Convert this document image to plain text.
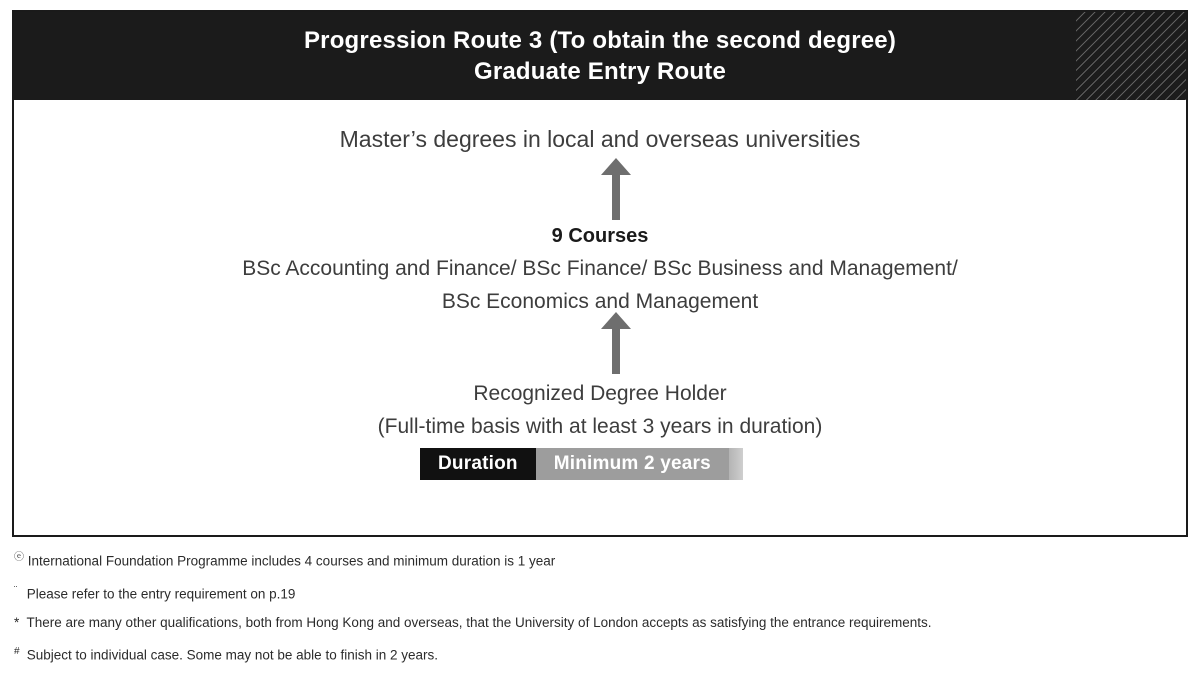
Progression Route 3 (To obtain the second degree)
Graduate Entry Route
Master’s degrees in local and overseas universities
9 Courses
BSc Accounting and Finance/ BSc Finance/ BSc Business and Management/
BSc Economics and Management
Recognized Degree Holder
(Full-time basis with at least 3 years in duration)
Duration	Minimum 2 years
ⓔ International Foundation Programme includes 4 courses and minimum duration is 1 year
¨ Please refer to the entry requirement on p.19
* There are many other qualifications, both from Hong Kong and overseas, that the University of London accepts as satisfying the entrance requirements.
# Subject to individual case. Some may not be able to finish in 2 years.
